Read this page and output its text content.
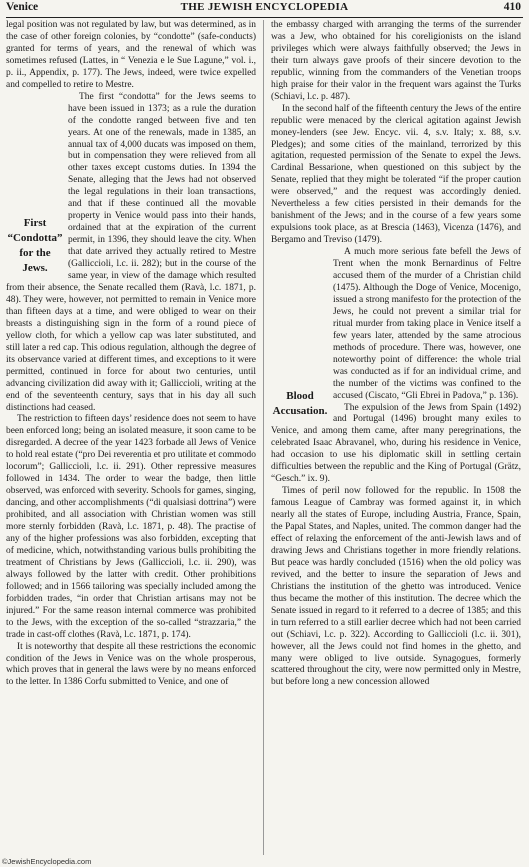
Venice	THE JEWISH ENCYCLOPEDIA	410

legal position was not regulated by law, but was determined, as in the case of other foreign colonies, by “condotte” (safe-conducts) granted for terms of years, and the renewal of which was sometimes refused (Lattes, in “ Venezia e le Sue Lagune,” vol. i., p. ii., Appendix, p. 177). The Jews, indeed, were twice expelled and compelled to retire to Mestre.

First
“Condotta”
for the
Jews.

The first “condotta” for the Jews seems to have been issued in 1373; as a rule the duration of the condotte ranged between five and ten years. At one of the renewals, made in 1385, an annual tax of 4,000 ducats was imposed on them, but in compensation they were relieved from all other taxes except customs duties. In 1394 the Senate, alleging that the Jews had not observed the legal regulations in their loan transactions, and that if these continued all the movable property in Venice would pass into their hands, ordained that at the expiration of the current permit, in 1396, they should leave the city. When that date arrived they actually retired to Mestre (Galliccioli, l.c. ii. 282); but in the course of the same year, in view of the damage which resulted from their absence, the Senate recalled them (Ravà, l.c. 1871, p. 48). They were, however, not permitted to remain in Venice more than fifteen days at a time, and were obliged to wear on their breasts a distinguishing sign in the form of a round piece of yellow cloth, for which a yellow cap was later substituted, and still later a red cap. This odious regulation, although the degree of its observance varied at different times, and exceptions to it were permitted, continued in force for about two centuries, until advancing civilization did away with it; Galliccioli, writing at the end of the seventeenth century, says that in his day all such distinctions had ceased.

The restriction to fifteen days’ residence does not seem to have been enforced long; being an isolated measure, it soon came to be disregarded. A decree of the year 1423 forbade all Jews of Venice to hold real estate (“pro Dei reverentia et pro utilitate et commodo locorum”; Galliccioli, l.c. ii. 291). Other repressive measures followed in 1434. The order to wear the badge, then little observed, was enforced with severity. Schools for games, singing, dancing, and other accomplishments (“di qualsiasi dottrina”) were prohibited, and all association with Christian women was still more sternly forbidden (Ravà, l.c. 1871, p. 48). The practise of any of the higher professions was also forbidden, excepting that of medicine, which, notwithstanding various bulls prohibiting the treatment of Christians by Jews (Galliccioli, l.c. ii. 290), was always followed by the latter with credit. Other prohibitions followed; and in 1566 tailoring was specially included among the forbidden trades, “in order that Christian artisans may not be injured.” For the same reason internal commerce was prohibited to the Jews, with the exception of the so-called “strazzaria,” the trade in cast-off clothes (Ravà, l.c. 1871, p. 174).

It is noteworthy that despite all these restrictions the economic condition of the Jews in Venice was on the whole prosperous, which proves that in general the laws were by no means enforced to the letter. In 1386 Corfu submitted to Venice, and one of

the embassy charged with arranging the terms of the surrender was a Jew, who obtained for his coreligionists on the island privileges which were always faithfully observed; the Jews in their turn always gave proofs of their sincere devotion to the republic, winning from the commanders of the Venetian troops high praise for their valor in the frequent wars against the Turks (Schiavi, l.c. p. 487).

In the second half of the fifteenth century the Jews of the entire republic were menaced by the clerical agitation against Jewish money-lenders (see Jew. Encyc. vii. 4, s.v. Italy; x. 88, s.v. Pledges); and some cities of the mainland, terrorized by this agitation, requested permission of the Senate to expel the Jews. Cardinal Bessarione, when questioned on this subject by the Senate, replied that they might be tolerated “if the proper caution were observed,” and the request was accordingly denied. Nevertheless a few cities persisted in their demands for the banishment of the Jews; and in the course of a few years some expulsions took place, as at Brescia (1463), Vicenza (1476), and Bergamo and Treviso (1479).

Blood
Accusation.

A much more serious fate befell the Jews of Trent when the monk Bernardinus of Feltre accused them of the murder of a Christian child (1475). Although the Doge of Venice, Mocenigo, issued a strong manifesto for the protection of the Jews, he could not prevent a similar trial for ritual murder from taking place in Venice itself a few years later, attended by the same atrocious methods of procedure. There was, however, one noteworthy point of difference: the whole trial was conducted as if for an individual crime, and the number of the victims was confined to the accused (Ciscato, “Gli Ebrei in Padova,” p. 136).

The expulsion of the Jews from Spain (1492) and Portugal (1496) brought many exiles to Venice, and among them came, after many peregrinations, the celebrated Isaac Abravanel, who, during his residence in Venice, had occasion to use his diplomatic skill in settling certain difficulties between the republic and the King of Portugal (Grätz, “Gesch.” ix. 9).

Times of peril now followed for the republic. In 1508 the famous League of Cambray was formed against it, in which nearly all the states of Europe, including Austria, France, Spain, the Papal States, and Naples, united. The common danger had the effect of relaxing the enforcement of the anti-Jewish laws and of drawing Jews and Christians together in more friendly relations. But peace was hardly concluded (1516) when the old policy was revived, and the better to insure the separation of Jews and Christians the institution of the ghetto was introduced. Venice thus became the mother of this institution. The decree which the Senate issued in regard to it referred to a decree of 1385; and this in turn referred to a still earlier decree which had not been carried out (Schiavi, l.c. p. 322). According to Galliccioli (l.c. ii. 301), however, all the Jews could not find homes in the ghetto, and many were obliged to live outside. Synagogues, formerly scattered throughout the city, were now permitted only in Mestre, but before long a new concession allowed

©JewishEncyclopedia.com
